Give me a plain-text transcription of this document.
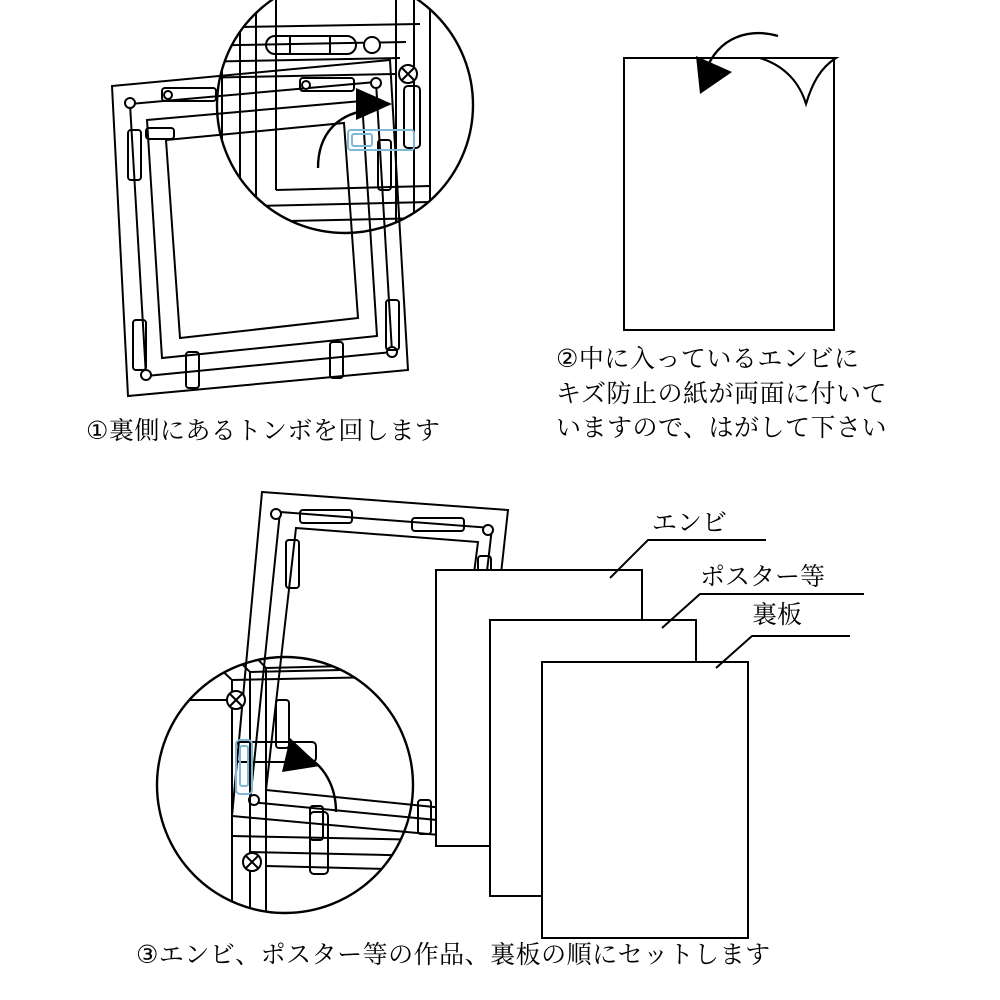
①裏側にあるトンボを回します
②中に入っているエンビに
キズ防止の紙が両面に付いて
いますので、はがして下さい
③エンビ、ポスター等の作品、裏板の順にセットします
エンビ
ポスター等
裏板
